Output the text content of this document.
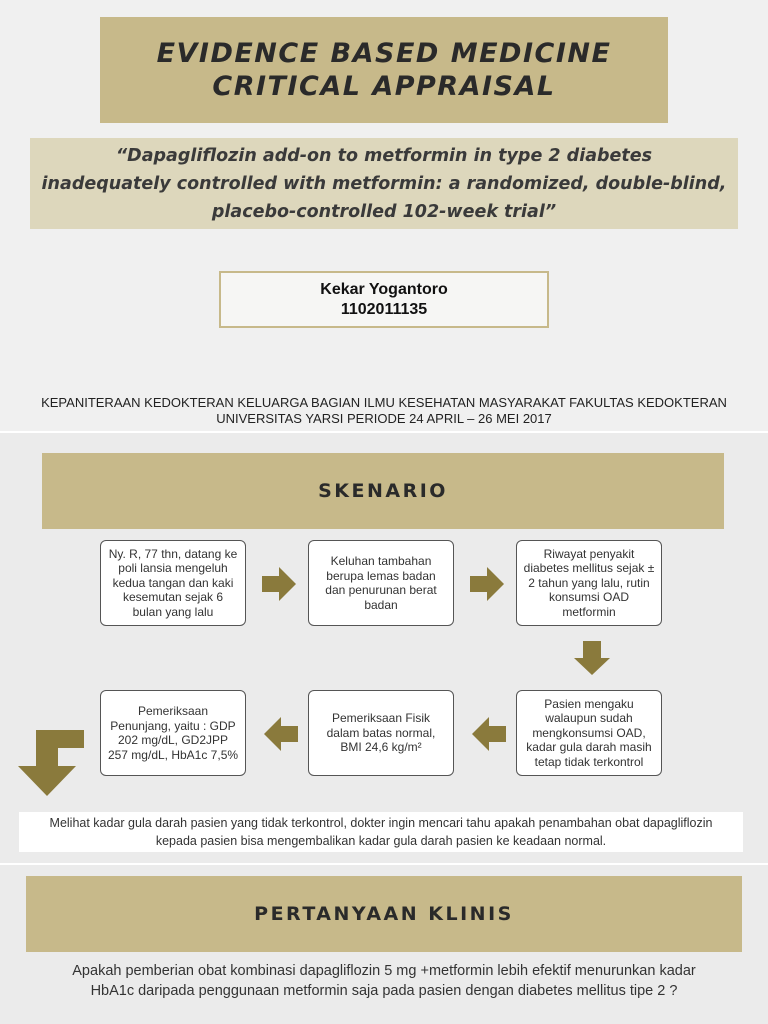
EVIDENCE BASED MEDICINE
CRITICAL APPRAISAL
“Dapagliflozin add-on to metformin in type 2 diabetes
inadequately controlled with metformin: a randomized, double-blind,
placebo-controlled 102-week trial”
Kekar Yogantoro
1102011135
KEPANITERAAN KEDOKTERAN KELUARGA BAGIAN ILMU KESEHATAN MASYARAKAT FAKULTAS KEDOKTERAN
UNIVERSITAS YARSI PERIODE 24 APRIL – 26 MEI 2017
SKENARIO
Ny. R, 77 thn, datang ke poli lansia mengeluh kedua tangan dan kaki kesemutan sejak 6 bulan yang lalu
Keluhan tambahan berupa lemas badan dan penurunan berat badan
Riwayat penyakit diabetes mellitus sejak ± 2 tahun yang lalu, rutin konsumsi OAD metformin
Pasien mengaku walaupun sudah mengkonsumsi OAD, kadar gula darah masih tetap tidak terkontrol
Pemeriksaan Fisik dalam batas normal, BMI 24,6 kg/m²
Pemeriksaan Penunjang, yaitu : GDP 202 mg/dL, GD2JPP 257 mg/dL, HbA1c 7,5%
Melihat kadar gula darah pasien yang tidak terkontrol, dokter ingin mencari tahu apakah penambahan obat dapagliflozin
kepada pasien bisa mengembalikan kadar gula darah pasien ke keadaan normal.
PERTANYAAN KLINIS
Apakah pemberian obat kombinasi dapagliflozin 5 mg +metformin lebih efektif menurunkan kadar
HbA1c daripada penggunaan metformin saja pada pasien dengan diabetes mellitus tipe 2 ?
